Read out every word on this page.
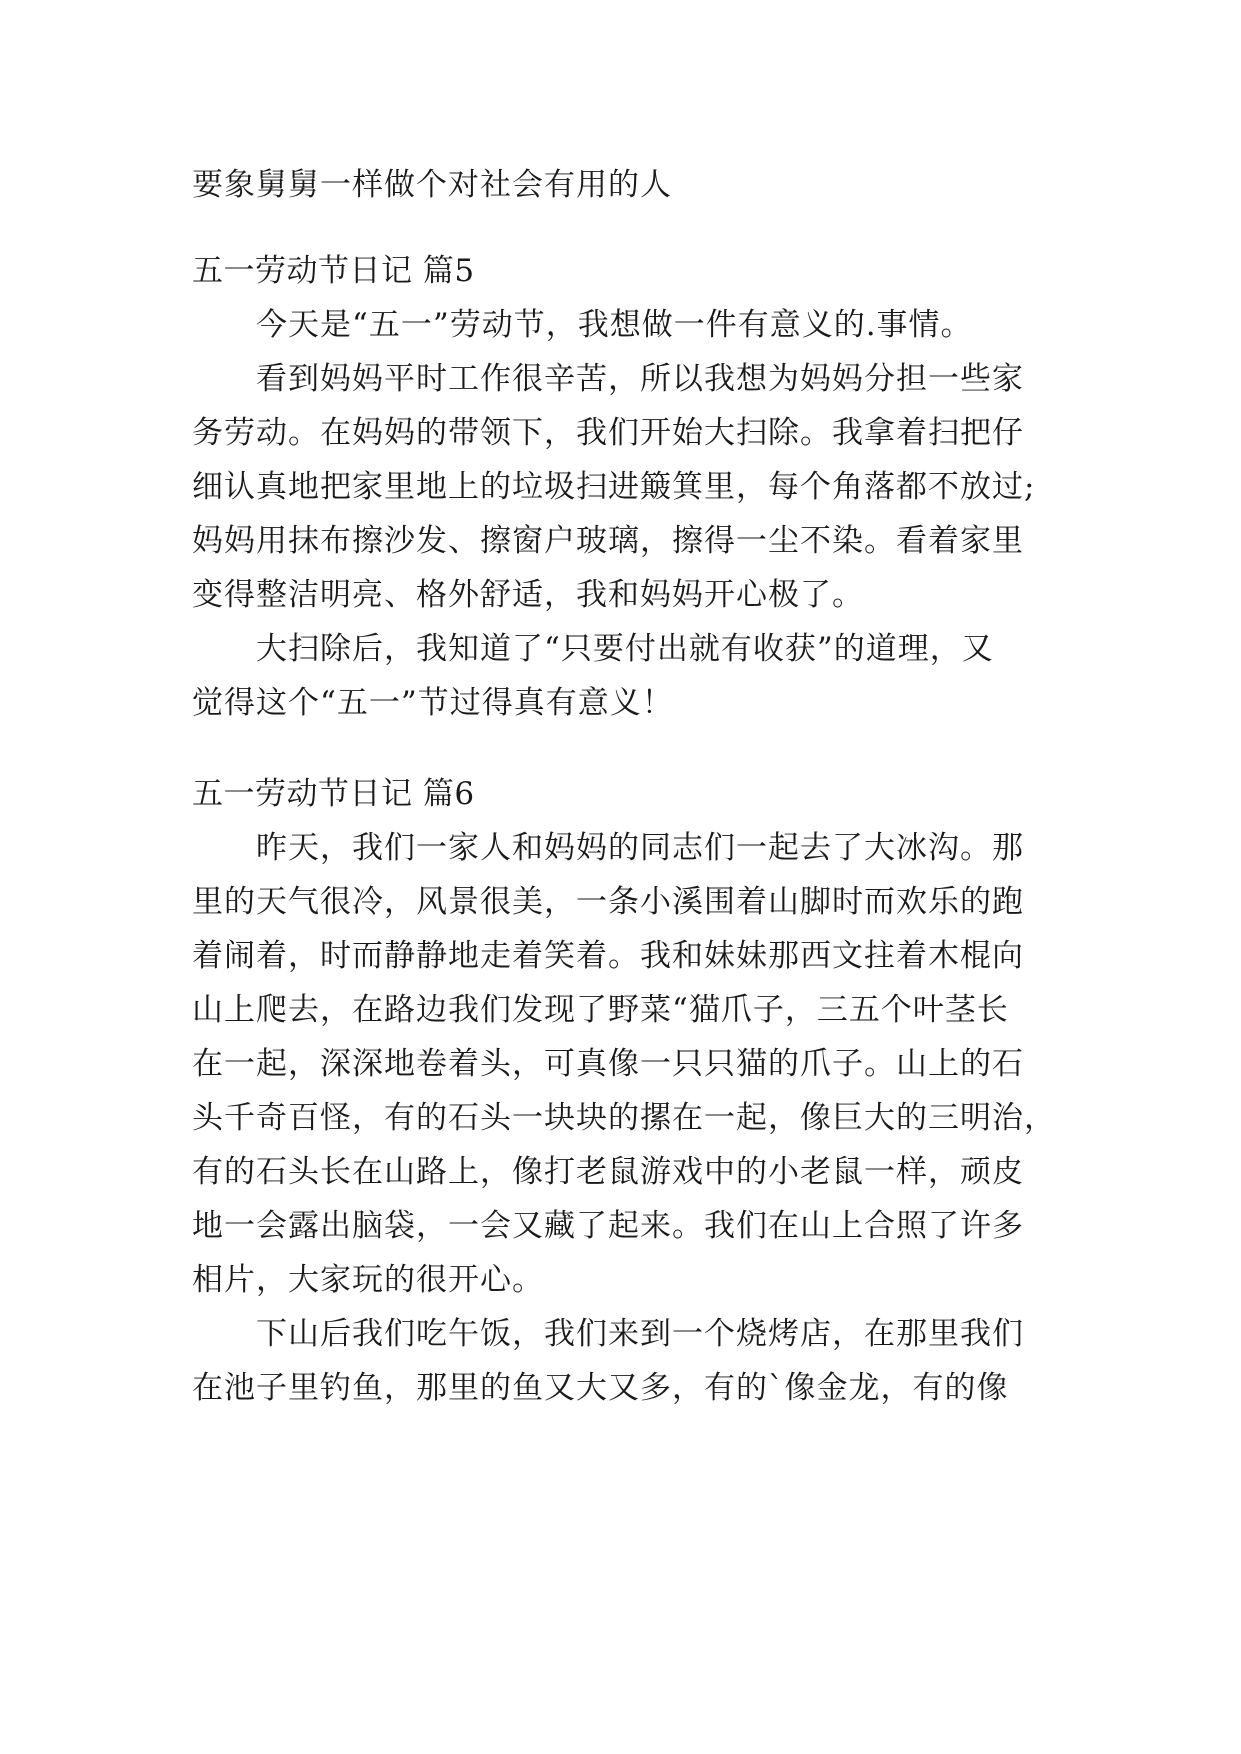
要象舅舅一样做个对社会有用的人
五一劳动节日记 篇5
今天是“五一”劳动节，我想做一件有意义的.事情。
看到妈妈平时工作很辛苦，所以我想为妈妈分担一些家
务劳动。在妈妈的带领下，我们开始大扫除。我拿着扫把仔
细认真地把家里地上的垃圾扫进簸箕里，每个角落都不放过;
妈妈用抹布擦沙发、擦窗户玻璃，擦得一尘不染。看着家里
变得整洁明亮、格外舒适，我和妈妈开心极了。
大扫除后，我知道了“只要付出就有收获”的道理，又
觉得这个“五一”节过得真有意义！
五一劳动节日记 篇6
昨天，我们一家人和妈妈的同志们一起去了大冰沟。那
里的天气很冷，风景很美，一条小溪围着山脚时而欢乐的跑
着闹着，时而静静地走着笑着。我和妹妹那西文拄着木棍向
山上爬去，在路边我们发现了野菜“猫爪子，三五个叶茎长
在一起，深深地卷着头，可真像一只只猫的爪子。山上的石
头千奇百怪，有的石头一块块的摞在一起，像巨大的三明治，
有的石头长在山路上，像打老鼠游戏中的小老鼠一样，顽皮
地一会露出脑袋，一会又藏了起来。我们在山上合照了许多
相片，大家玩的很开心。
下山后我们吃午饭，我们来到一个烧烤店，在那里我们
在池子里钓鱼，那里的鱼又大又多，有的`像金龙，有的像
